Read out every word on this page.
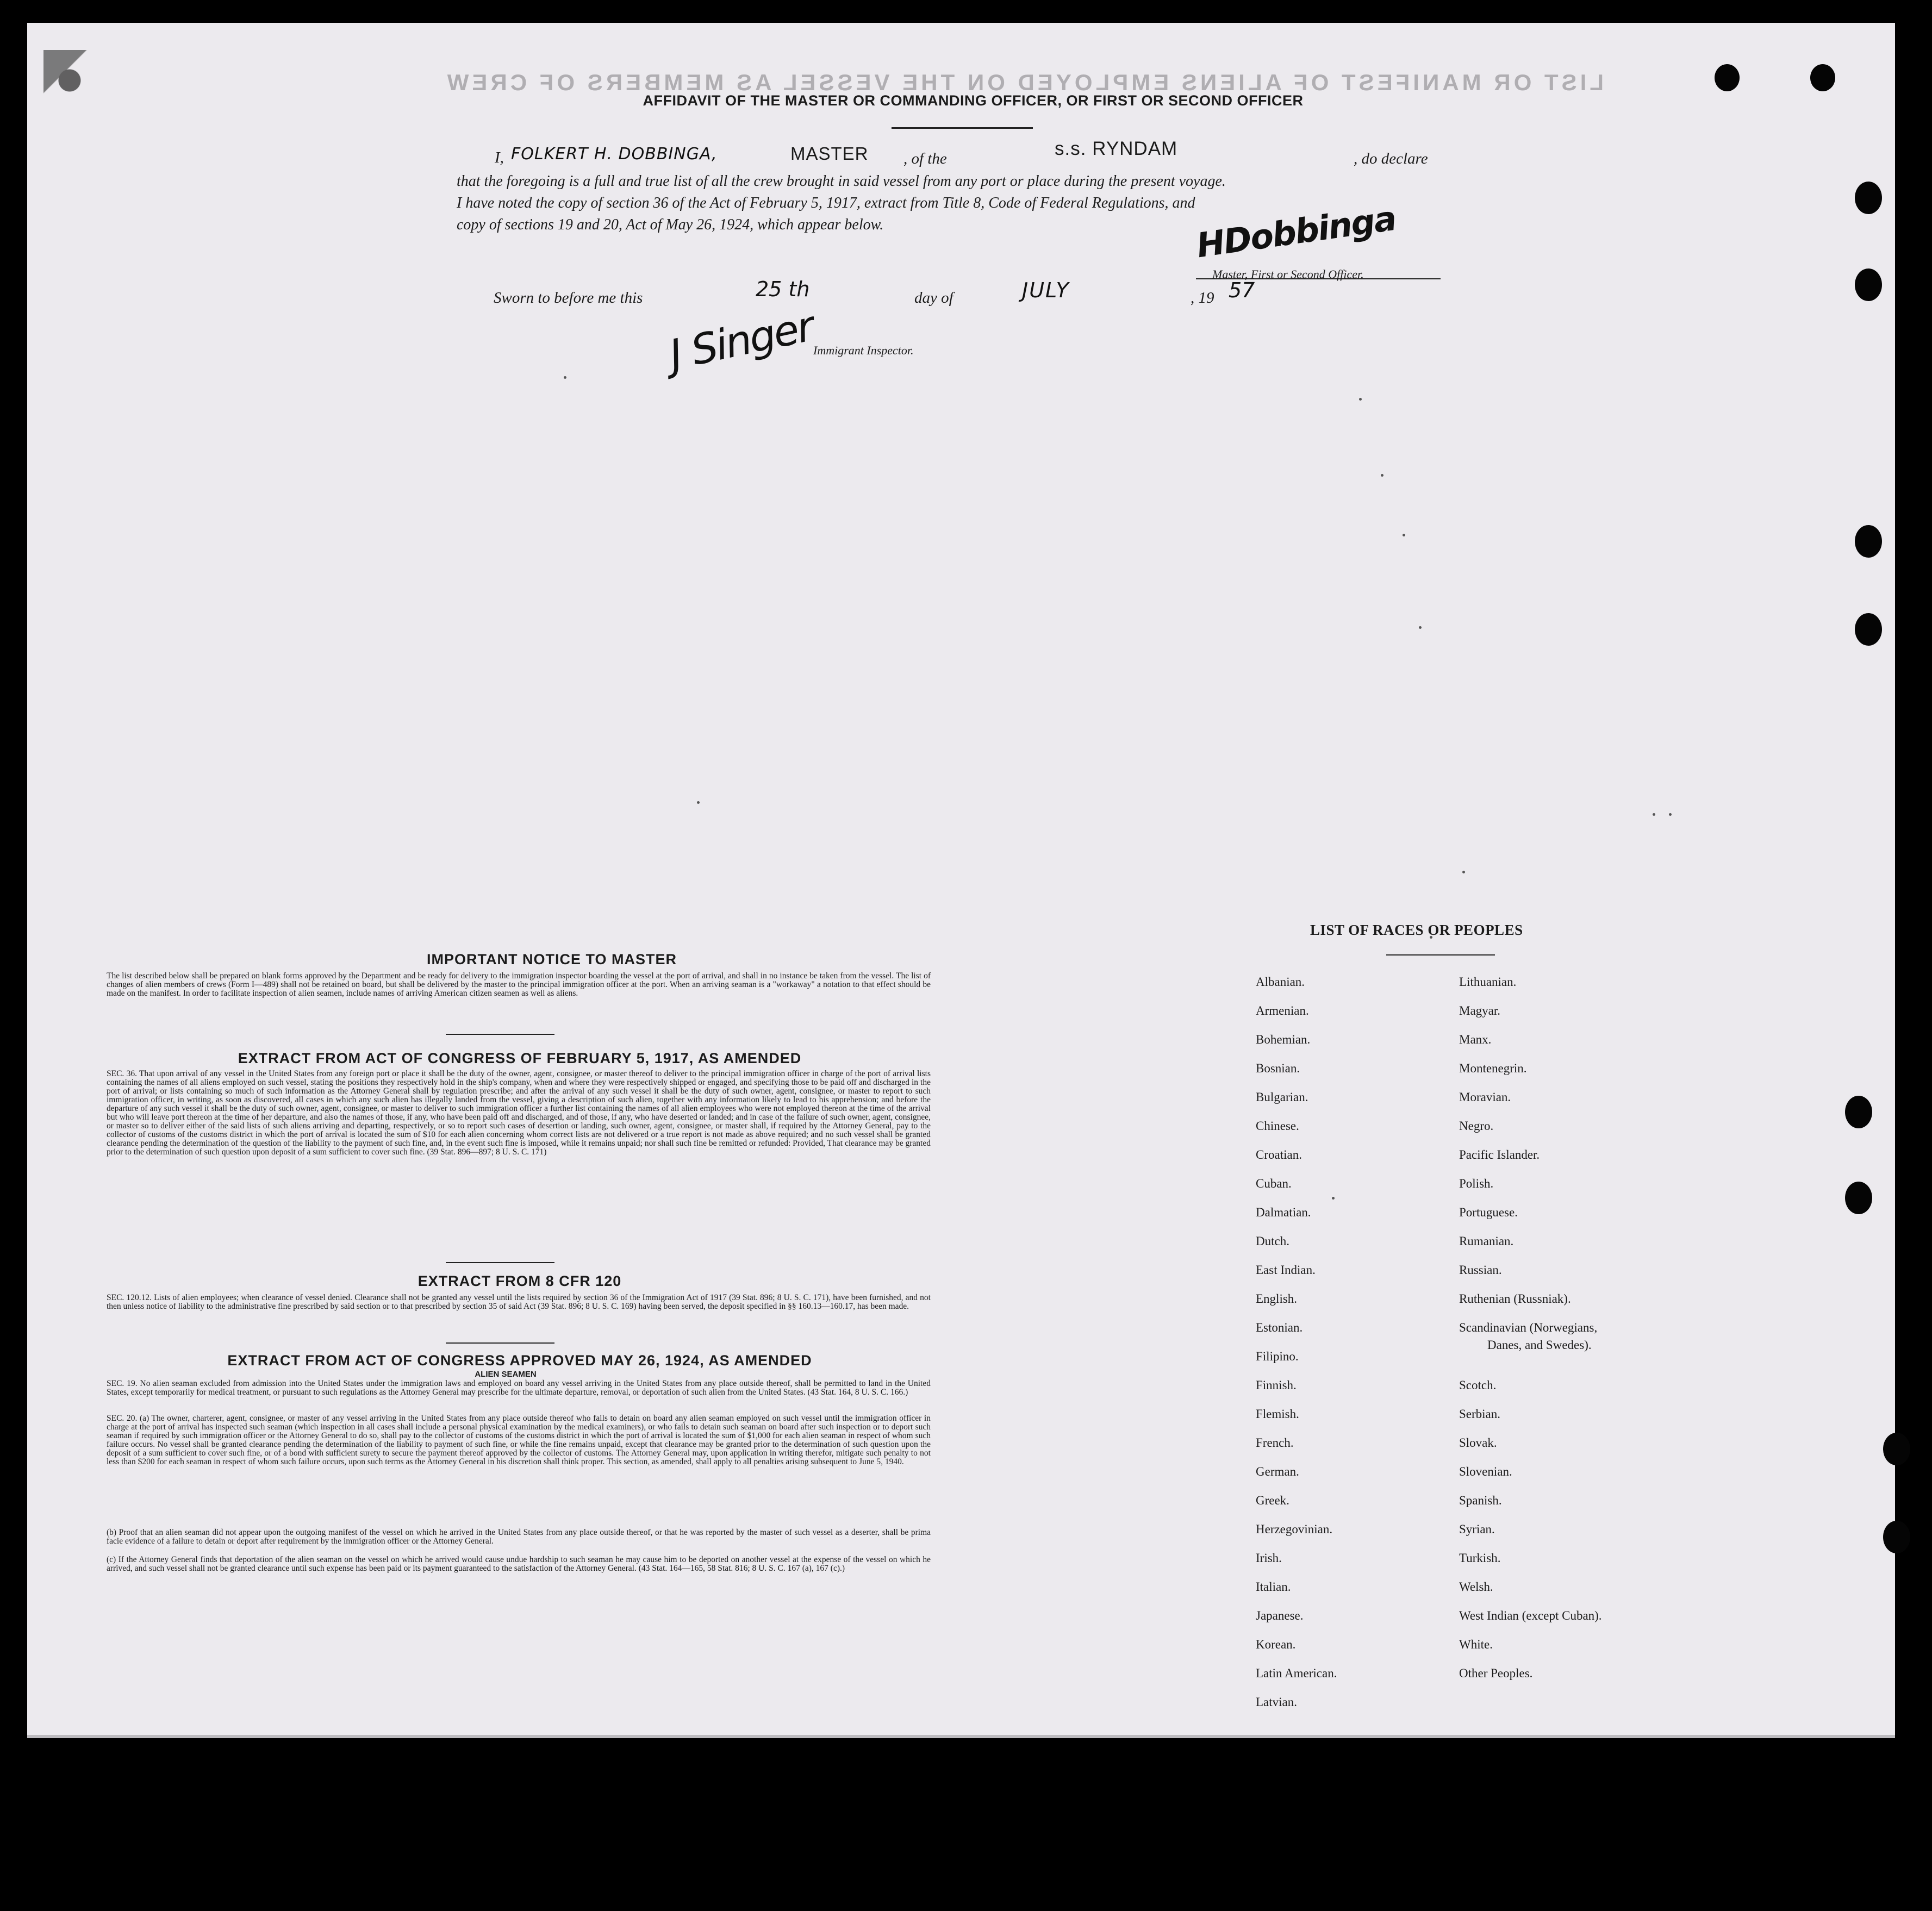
LIST OR MANIFEST OF ALIENS EMPLOYED ON THE VESSEL AS MEMBERS OF CREW
AFFIDAVIT OF THE MASTER OR COMMANDING OFFICER, OR FIRST OR SECOND OFFICER
I, FOLKERT H. DOBBINGA,	MASTER , of the	s.s. RYNDAM	, do declare
that the foregoing is a full and true list of all the crew brought in said vessel from any port or place during the present voyage.
I have noted the copy of section 36 of the Act of February 5, 1917, extract from Title 8, Code of Federal Regulations, and
copy of sections 19 and 20, Act of May 26, 1924, which appear below.	HDobbinga
Master, First or Second Officer.
Sworn to before me this	25 th	day of	JULY	, 19 57
J Singer
Immigrant Inspector.
IMPORTANT NOTICE TO MASTER
The list described below shall be prepared on blank forms approved by the Department and be ready for delivery to the immigration inspector boarding the vessel at the port of arrival, and shall in no instance be taken from the vessel. The list of changes of alien members of crews (Form I—489) shall not be retained on board, but shall be delivered by the master to the principal immigration officer at the port. When an arriving seaman is a "workaway" a notation to that effect should be made on the manifest. In order to facilitate inspection of alien seamen, include names of arriving American citizen seamen as well as aliens.
EXTRACT FROM ACT OF CONGRESS OF FEBRUARY 5, 1917, AS AMENDED
SEC. 36. That upon arrival of any vessel in the United States from any foreign port or place it shall be the duty of the owner, agent, consignee, or master thereof to deliver to the principal immigration officer in charge of the port of arrival lists containing the names of all aliens employed on such vessel, stating the positions they respectively hold in the ship's company, when and where they were respectively shipped or engaged, and specifying those to be paid off and discharged in the port of arrival; or lists containing so much of such information as the Attorney General shall by regulation prescribe; and after the arrival of any such vessel it shall be the duty of such owner, agent, consignee, or master to report to such immigration officer, in writing, as soon as discovered, all cases in which any such alien has illegally landed from the vessel, giving a description of such alien, together with any information likely to lead to his apprehension; and before the departure of any such vessel it shall be the duty of such owner, agent, consignee, or master to deliver to such immigration officer a further list containing the names of all alien employees who were not employed thereon at the time of the arrival but who will leave port thereon at the time of her departure, and also the names of those, if any, who have been paid off and discharged, and of those, if any, who have deserted or landed; and in case of the failure of such owner, agent, consignee, or master so to deliver either of the said lists of such aliens arriving and departing, respectively, or so to report such cases of desertion or landing, such owner, agent, consignee, or master shall, if required by the Attorney General, pay to the collector of customs of the customs district in which the port of arrival is located the sum of $10 for each alien concerning whom correct lists are not delivered or a true report is not made as above required; and no such vessel shall be granted clearance pending the determination of the question of the liability to the payment of such fine, and, in the event such fine is imposed, while it remains unpaid; nor shall such fine be remitted or refunded: Provided, That clearance may be granted prior to the determination of such question upon deposit of a sum sufficient to cover such fine. (39 Stat. 896—897; 8 U. S. C. 171)
EXTRACT FROM 8 CFR 120
SEC. 120.12. Lists of alien employees; when clearance of vessel denied. Clearance shall not be granted any vessel until the lists required by section 36 of the Immigration Act of 1917 (39 Stat. 896; 8 U. S. C. 171), have been furnished, and not then unless notice of liability to the administrative fine prescribed by said section or to that prescribed by section 35 of said Act (39 Stat. 896; 8 U. S. C. 169) having been served, the deposit specified in §§ 160.13—160.17, has been made.
EXTRACT FROM ACT OF CONGRESS APPROVED MAY 26, 1924, AS AMENDED
ALIEN SEAMEN
SEC. 19. No alien seaman excluded from admission into the United States under the immigration laws and employed on board any vessel arriving in the United States from any place outside thereof, shall be permitted to land in the United States, except temporarily for medical treatment, or pursuant to such regulations as the Attorney General may prescribe for the ultimate departure, removal, or deportation of such alien from the United States. (43 Stat. 164, 8 U. S. C. 166.)
SEC. 20. (a) The owner, charterer, agent, consignee, or master of any vessel arriving in the United States from any place outside thereof who fails to detain on board any alien seaman employed on such vessel until the immigration officer in charge at the port of arrival has inspected such seaman (which inspection in all cases shall include a personal physical examination by the medical examiners), or who fails to detain such seaman on board after such inspection or to deport such seaman if required by such immigration officer or the Attorney General to do so, shall pay to the collector of customs of the customs district in which the port of arrival is located the sum of $1,000 for each alien seaman in respect of whom such failure occurs. No vessel shall be granted clearance pending the determination of the liability to payment of such fine, or while the fine remains unpaid, except that clearance may be granted prior to the determination of such question upon the deposit of a sum sufficient to cover such fine, or of a bond with sufficient surety to secure the payment thereof approved by the collector of customs. The Attorney General may, upon application in writing therefor, mitigate such penalty to not less than $200 for each seaman in respect of whom such failure occurs, upon such terms as the Attorney General in his discretion shall think proper. This section, as amended, shall apply to all penalties arising subsequent to June 5, 1940.
(b) Proof that an alien seaman did not appear upon the outgoing manifest of the vessel on which he arrived in the United States from any place outside thereof, or that he was reported by the master of such vessel as a deserter, shall be prima facie evidence of a failure to detain or deport after requirement by the immigration officer or the Attorney General.
(c) If the Attorney General finds that deportation of the alien seaman on the vessel on which he arrived would cause undue hardship to such seaman he may cause him to be deported on another vessel at the expense of the vessel on which he arrived, and such vessel shall not be granted clearance until such expense has been paid or its payment guaranteed to the satisfaction of the Attorney General. (43 Stat. 164—165, 58 Stat. 816; 8 U. S. C. 167 (a), 167 (c).)
LIST OF RACES OR PEOPLES
Albanian.
Armenian.
Bohemian.
Bosnian.
Bulgarian.
Chinese.
Croatian.
Cuban.
Dalmatian.
Dutch.
East Indian.
English.
Estonian.
Filipino.
Finnish.
Flemish.
French.
German.
Greek.
Herzegovinian.
Irish.
Italian.
Japanese.
Korean.
Latin American.
Latvian.
Lithuanian.
Magyar.
Manx.
Montenegrin.
Moravian.
Negro.
Pacific Islander.
Polish.
Portuguese.
Rumanian.
Russian.
Ruthenian (Russniak).
Scandinavian (Norwegians,
Danes, and Swedes).
Scotch.
Serbian.
Slovak.
Slovenian.
Spanish.
Syrian.
Turkish.
Welsh.
West Indian (except Cuban).
White.
Other Peoples.
